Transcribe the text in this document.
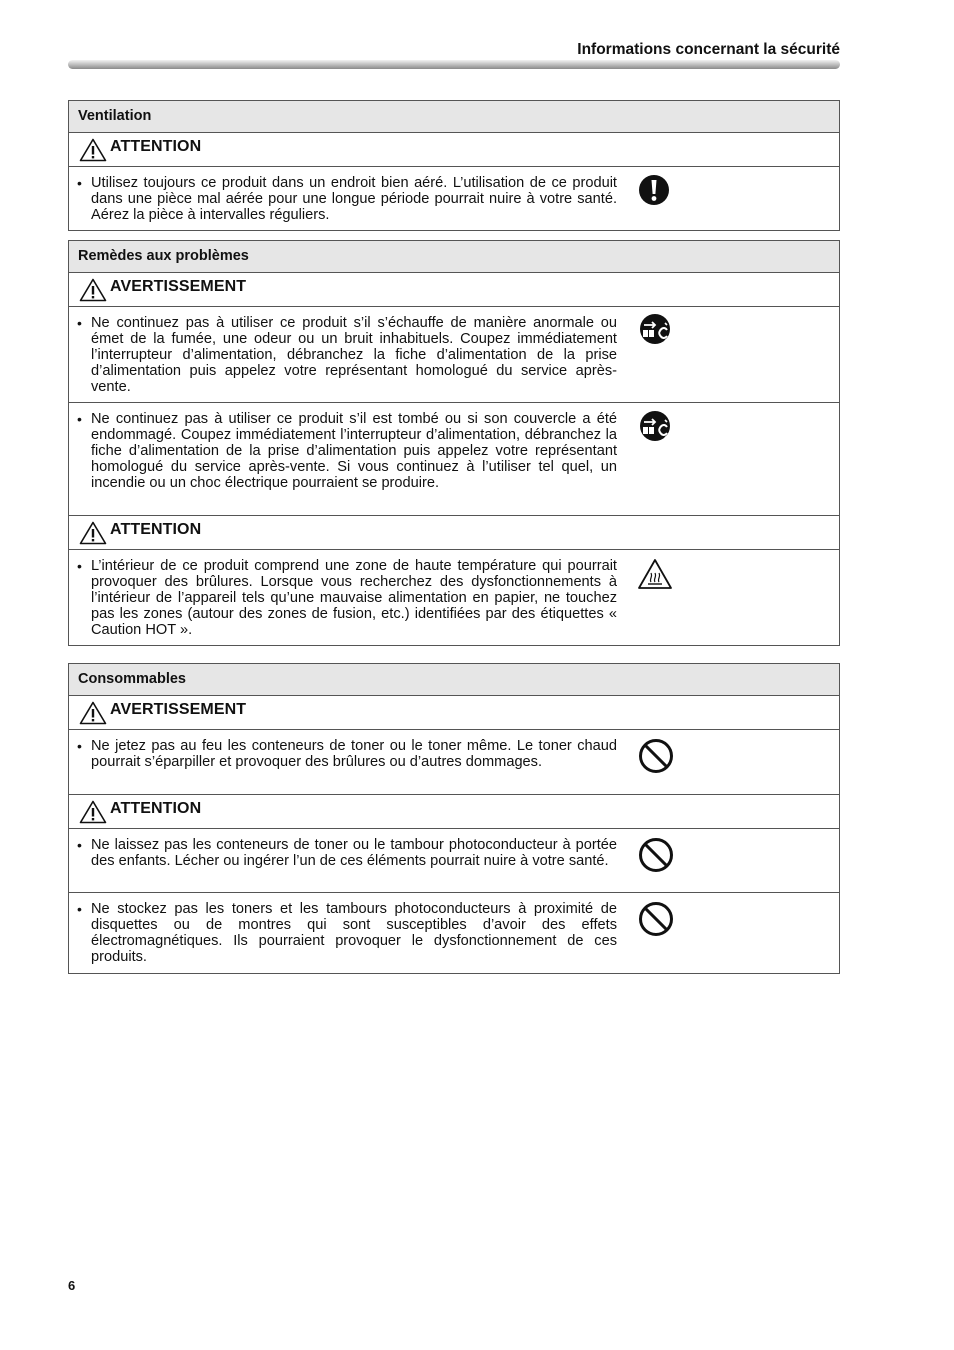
Informations concernant la sécurité
Ventilation
ATTENTION
• Utilisez toujours ce produit dans un endroit bien aéré. L’utilisation de ce produit dans une pièce mal aérée pour une longue période pourrait nuire à votre santé. Aérez la pièce à intervalles réguliers.
Remèdes aux problèmes
AVERTISSEMENT
• Ne continuez pas à utiliser ce produit s’il s’échauffe de manière anormale ou émet de la fumée, une odeur ou un bruit inhabituels. Coupez immédiatement l’interrupteur d’alimentation, débranchez la fiche d’alimentation de la prise d’alimentation puis appelez votre représentant homologué du service après-vente.
• Ne continuez pas à utiliser ce produit s’il est tombé ou si son couvercle a été endommagé. Coupez immédiatement l’interrupteur d’alimentation, débranchez la fiche d’alimentation de la prise d’alimentation puis appelez votre représentant homologué du service après-vente. Si vous continuez à l’utiliser tel quel, un incendie ou un choc électrique pourraient se produire.
ATTENTION
• L’intérieur de ce produit comprend une zone de haute température qui pourrait provoquer des brûlures. Lorsque vous recherchez des dysfonctionnements à l’intérieur de l’appareil tels qu’une mauvaise alimentation en papier, ne touchez pas les zones (autour des zones de fusion, etc.) identifiées par des étiquettes « Caution HOT ».
Consommables
AVERTISSEMENT
• Ne jetez pas au feu les conteneurs de toner ou le toner même. Le toner chaud pourrait s’éparpiller et provoquer des brûlures ou d’autres dommages.
ATTENTION
• Ne laissez pas les conteneurs de toner ou le tambour photoconducteur à portée des enfants. Lécher ou ingérer l’un de ces éléments pourrait nuire à votre santé.
• Ne stockez pas les toners et les tambours photoconducteurs à proximité de disquettes ou de montres qui sont susceptibles d’avoir des effets électromagnétiques. Ils pourraient provoquer le dysfonctionnement de ces produits.
6
